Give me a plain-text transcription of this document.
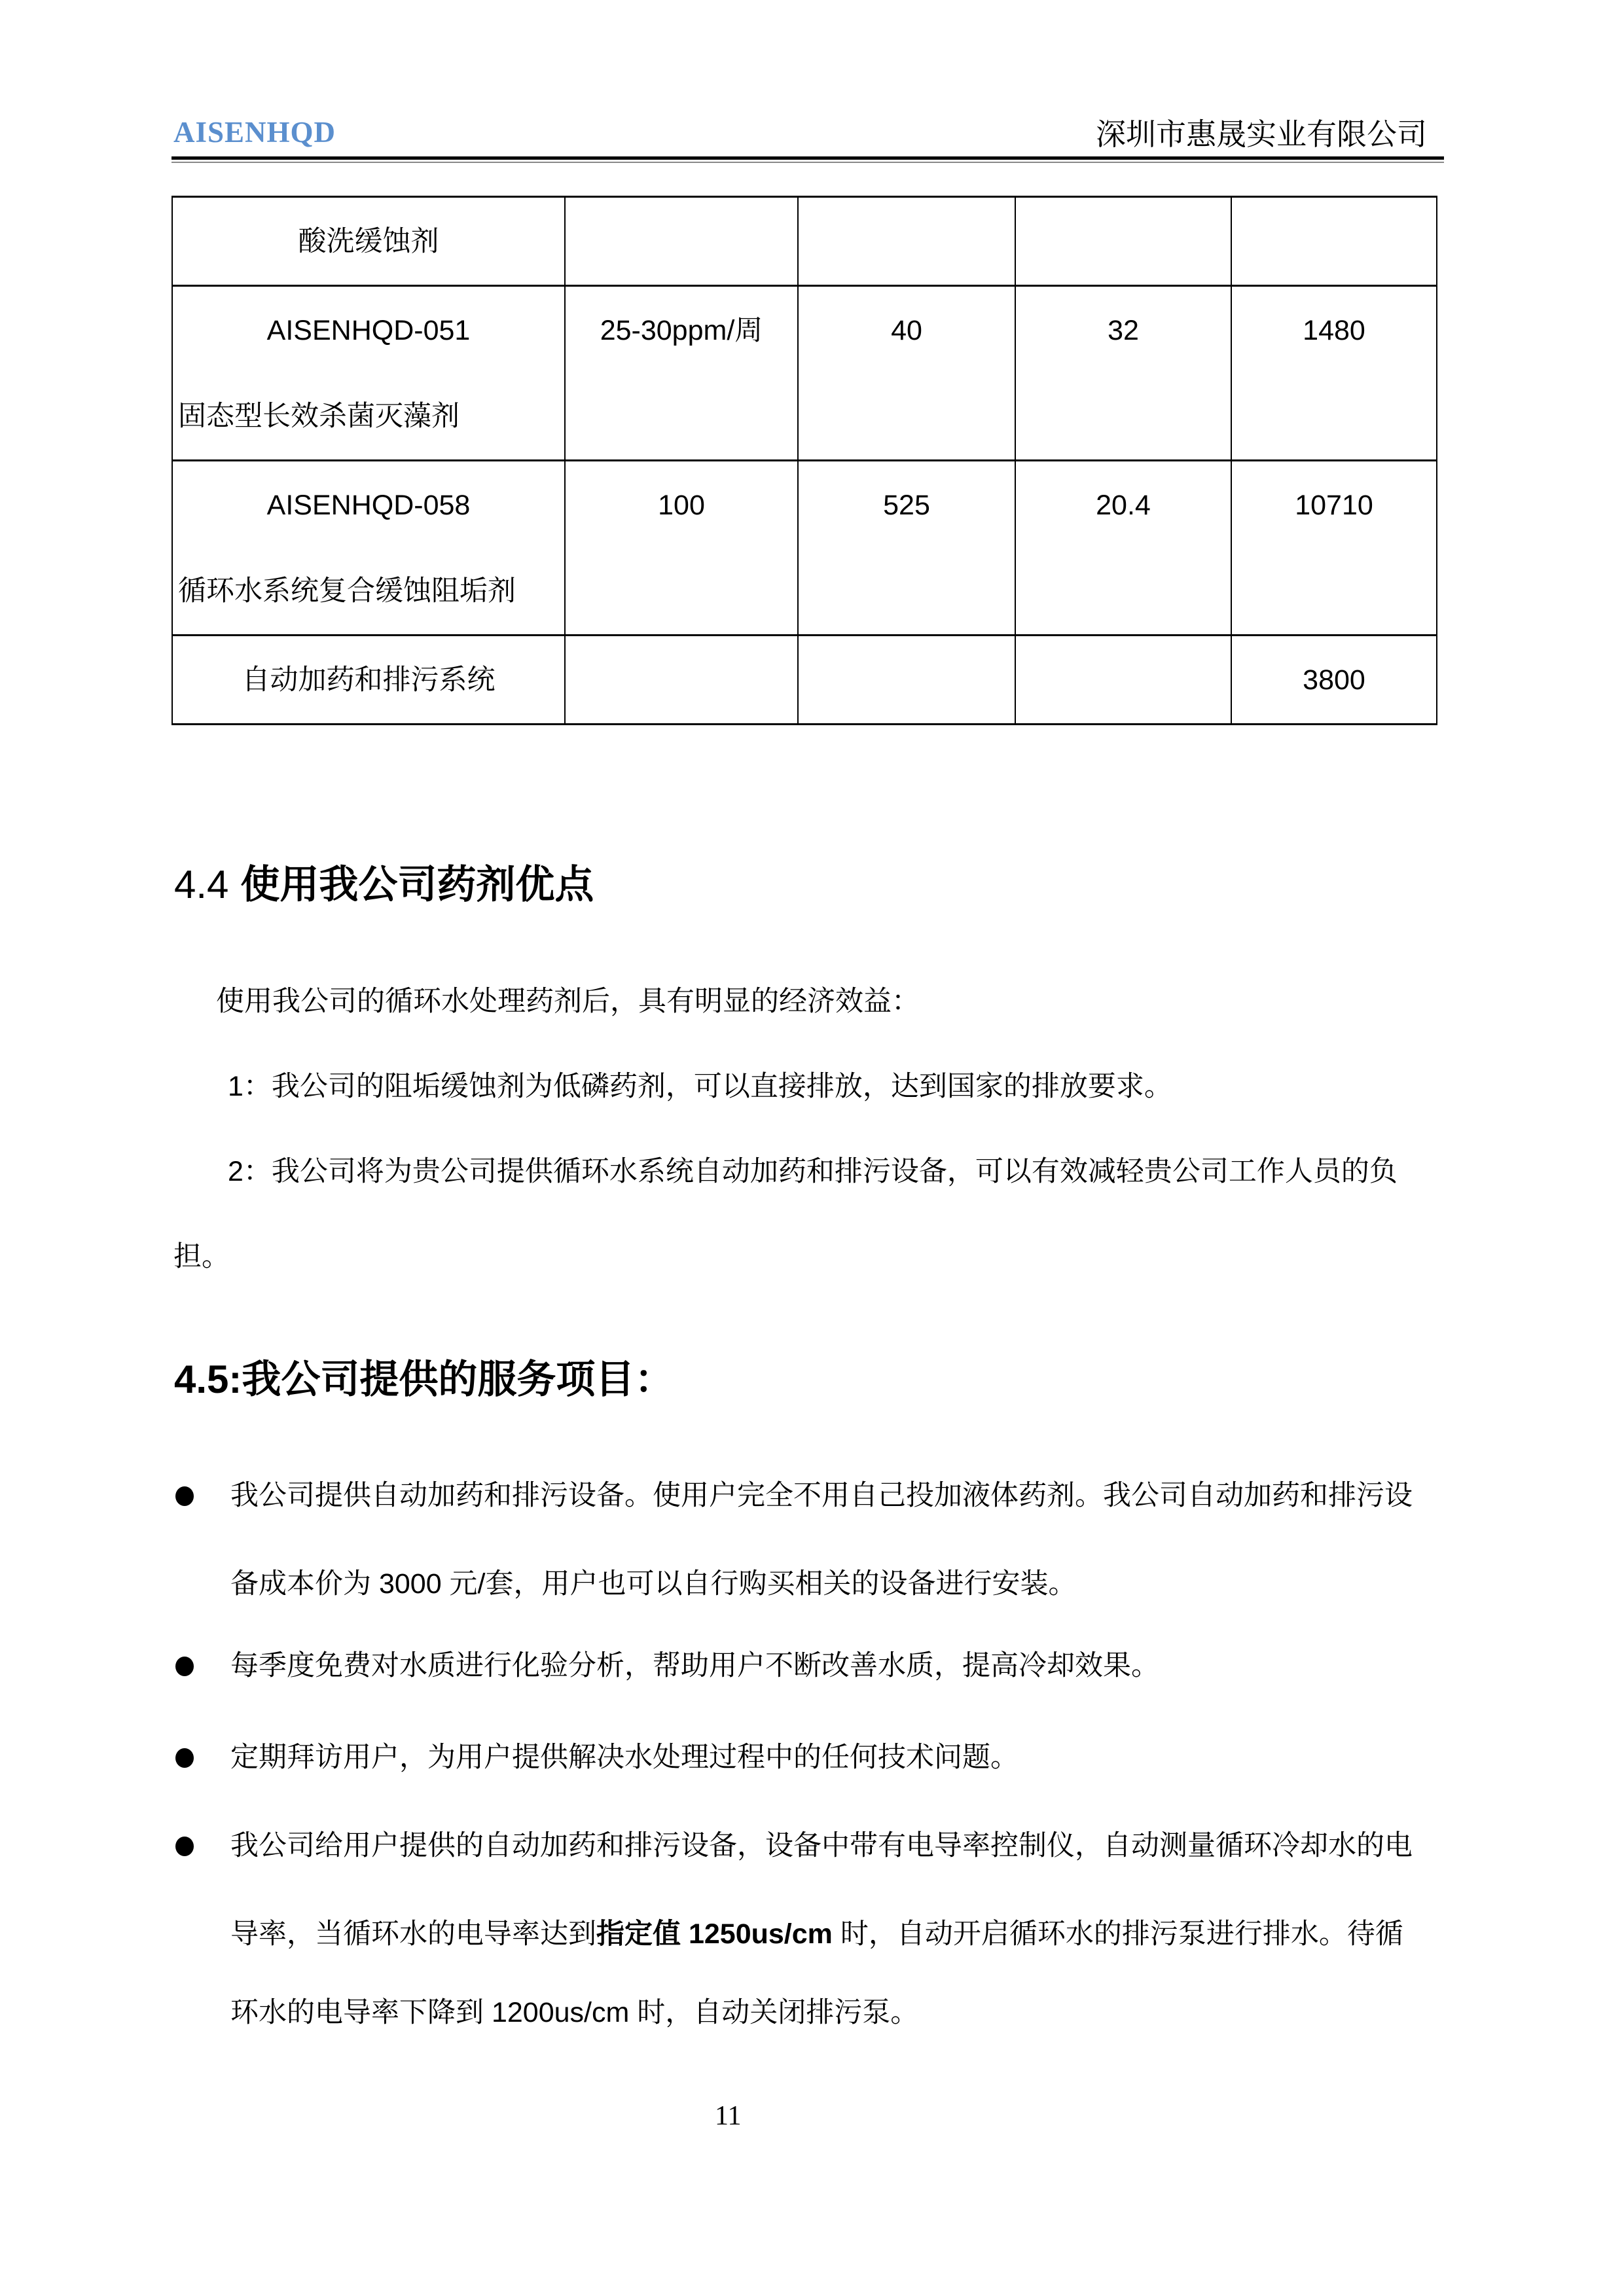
AISENHQD	深圳市惠晟实业有限公司
酸洗缓蚀剂				

AISENHQD-051
固态型长效杀菌灭藻剂	25-30ppm/周	40	32	1480

AISENHQD-058
循环水系统复合缓蚀阻垢剂	100	525	20.4	10710

自动加药和排污系统				3800
4.4 使用我公司药剂优点
使用我公司的循环水处理药剂后，具有明显的经济效益：
1：我公司的阻垢缓蚀剂为低磷药剂，可以直接排放，达到国家的排放要求。
2：我公司将为贵公司提供循环水系统自动加药和排污设备，可以有效减轻贵公司工作人员的负
担。
4.5:我公司提供的服务项目：
我公司提供自动加药和排污设备。使用户完全不用自己投加液体药剂。我公司自动加药和排污设
备成本价为 3000 元/套，用户也可以自行购买相关的设备进行安装。
每季度免费对水质进行化验分析，帮助用户不断改善水质，提高冷却效果。
定期拜访用户，为用户提供解决水处理过程中的任何技术问题。
我公司给用户提供的自动加药和排污设备，设备中带有电导率控制仪，自动测量循环冷却水的电
导率，当循环水的电导率达到指定值 1250us/cm 时，自动开启循环水的排污泵进行排水。待循
环水的电导率下降到 1200us/cm 时，自动关闭排污泵。
11
